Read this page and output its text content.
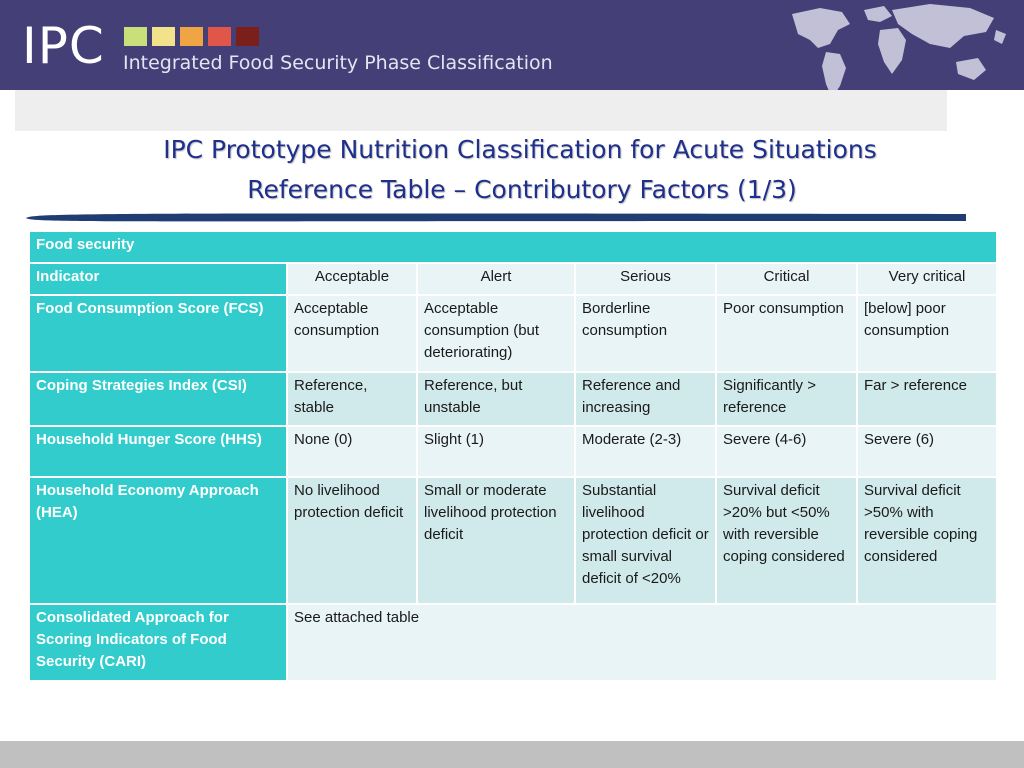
IPC Integrated Food Security Phase Classification
IPC Prototype Nutrition Classification for Acute Situations
Reference Table – Contributory Factors (1/3)
Food security					
Indicator	Acceptable	Alert	Serious	Critical	Very critical
Food Consumption Score (FCS)	Acceptable consumption	Acceptable consumption (but deteriorating)	Borderline consumption	Poor consumption	[below] poor consumption
Coping Strategies Index (CSI)	Reference, stable	Reference, but unstable	Reference and increasing	Significantly > reference	Far > reference
Household Hunger Score (HHS)	None (0)	Slight (1)	Moderate (2-3)	Severe (4-6)	Severe (6)
Household Economy Approach (HEA)	No livelihood protection deficit	Small or moderate livelihood protection deficit	Substantial livelihood protection deficit or small survival deficit of <20%	Survival deficit >20% but <50% with reversible coping considered	Survival deficit >50% with reversible coping considered
Consolidated Approach for Scoring Indicators of Food Security (CARI)	See attached table				
